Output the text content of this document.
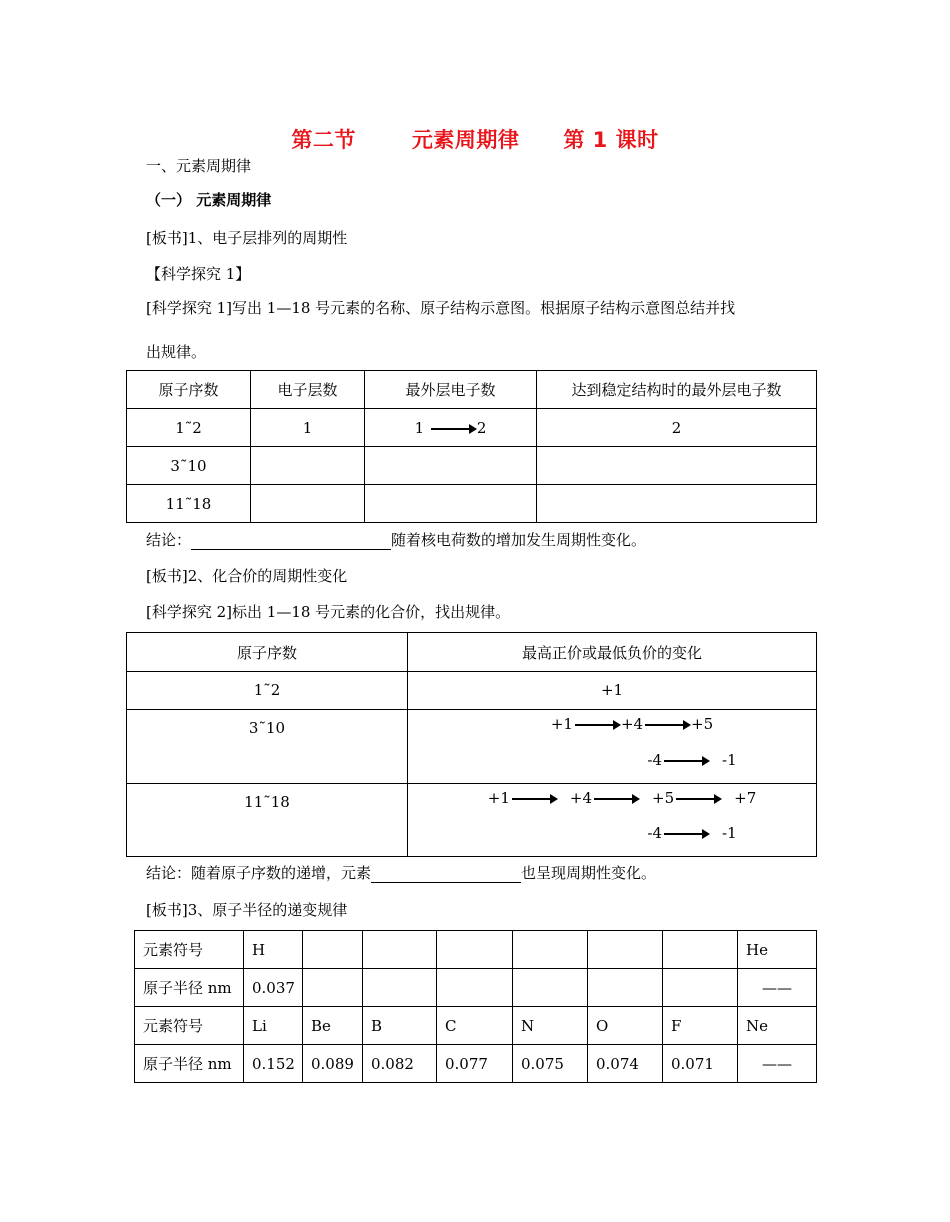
第二节	元素周期律 第 1 课时
一、元素周期律
（一） 元素周期律
[板书]1、电子层排列的周期性
【科学探究 1】
[科学探究 1]写出 1—18 号元素的名称、原子结构示意图。根据原子结构示意图总结并找
出规律。
原子序数	电子层数	最外层电子数	达到稳定结构时的最外层电子数
1˜2	1	1 2	2
3˜10			
11˜18			
结论：	随着核电荷数的增加发生周期性变化。
[板书]2、化合价的周期性变化
[科学探究 2]标出 1—18 号元素的化合价，找出规律。
原子序数	最高正价或最低负价的变化
1˜2	+1
3˜10	+1 +4 +5
-4 -1

11˜18	+1 +4 +5 +7
-4 -1
结论：随着原子序数的递增，元素	也呈现周期性变化。
[板书]3、原子半径的递变规律
元素符号	H							He
原子半径 nm	0.037							——
元素符号	Li	Be	B	C	N	O	F	Ne
原子半径 nm	0.152	0.089	0.082	0.077	0.075	0.074	0.071	——
